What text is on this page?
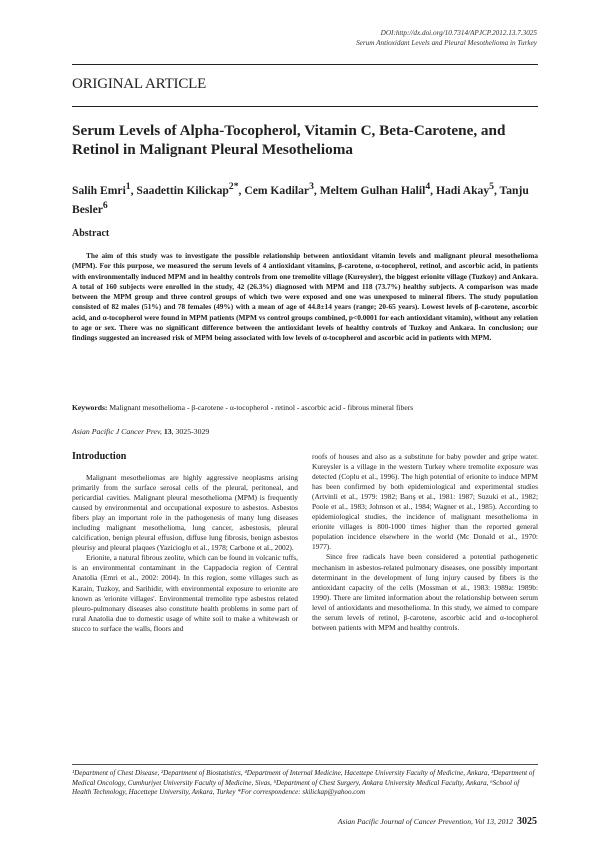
DOI:http://dx.doi.org/10.7314/APJCP.2012.13.7.3025
Serum Antioxidant Levels and Pleural Mesothelioma in Turkey
ORIGINAL ARTICLE
Serum Levels of Alpha-Tocopherol, Vitamin C, Beta-Carotene, and Retinol in Malignant Pleural Mesothelioma
Salih Emri$^1$, Saadettin Kilickap$^{2*}$, Cem Kadilar$^3$, Meltem Gulhan Halil$^4$, Hadi Akay$^5$, Tanju Besler$^6$
Abstract
The aim of this study was to investigate the possible relationship between antioxidant vitamin levels and malignant pleural mesothelioma (MPM). For this purpose, we measured the serum levels of 4 antioxidant vitamins, β-carotene, α-tocopherol, retinol, and ascorbic acid, in patients with environmentally induced MPM and in healthy controls from one tremolite village (Kureysler), the biggest erionite village (Tuzkoy) and Ankara. A total of 160 subjects were enrolled in the study, 42 (26.3%) diagnosed with MPM and 118 (73.7%) healthy subjects. A comparison was made between the MPM group and three control groups of which two were exposed and one was unexposed to mineral fibers. The study population consisted of 82 males (51%) and 78 females (49%) with a mean of age of 44.8±14 years (range; 20-65 years). Lowest levels of β-carotene, ascorbic acid, and α-tocopherol were found in MPM patients (MPM vs control groups combined, p<0.0001 for each antioxidant vitamin), without any relation to age or sex. There was no significant difference between the antioxidant levels of healthy controls of Tuzkoy and Ankara. In conclusion; our findings suggested an increased risk of MPM being associated with low levels of α-tocopherol and ascorbic acid in patients with MPM.
Keywords: Malignant mesothelioma - β-carotene - α-tocopherol - retinol - ascorbic acid - fibrous mineral fibers
Asian Pacific J Cancer Prev, 13, 3025-3029
Introduction

Malignant mesotheliomas are highly aggressive neoplasms arising primarily from the surface serosal cells of the pleural, peritoneal, and pericardial cavities. Malignant pleural mesothelioma (MPM) is frequently caused by environmental and occupational exposure to asbestos. Asbestos fibers play an important role in the pathogenesis of many lung diseases including malignant mesothelioma, lung cancer, asbestosis, pleural calcification, benign pleural effusion, diffuse lung fibrosis, benign asbestos pleurisy and pleural plaques (Yazicioglu et al., 1978; Carbone et al., 2002).

Erionite, a natural fibrous zeolite, which can be found in volcanic tuffs, is an environmental contaminant in the Cappadocia region of Central Anatolia (Emri et al., 2002: 2004). In this region, some villages such as Karain, Tuzkoy, and Sarihidir, with environmental exposure to erionite are known as 'erionite villages'. Environmental tremolite type asbestos related pleuro-pulmonary diseases also constitute health problems in some part of rural Anatolia due to domestic usage of white soil to make a whitewash or stucco to surface the walls, floors and

roofs of houses and also as a substitute for baby powder and gripe water. Kureysler is a village in the western Turkey where tremolite exposure was detected (Coplu et al., 1996). The high potential of erionite to induce MPM has been confirmed by both epidemiological and experimental studies (Artvinli et al., 1979: 1982; Barış et al., 1981: 1987; Suzuki et al., 1982; Poole et al., 1983; Johnson et al., 1984; Wagner et al., 1985). According to epidemiological studies, the incidence of malignant mesothelioma in erionite villages is 800-1000 times higher than the reported general population incidence elsewhere in the world (Mc Donald et al., 1970: 1977).

Since free radicals have been considered a potential pathogenetic mechanism in asbestos-related pulmonary diseases, one possibly important determinant in the development of lung injury caused by fibers is the antioxidant capacity of the cells (Mossman et al., 1983: 1989a: 1989b: 1990). There are limited information about the relationship between serum level of antioxidants and mesothelioma. In this study, we aimed to compare the serum levels of retinol, β-carotene, ascorbic acid and α-tocopherol between patients with MPM and healthy controls.

¹Department of Chest Disease, ²Department of Biostatistics, ⁴Department of Internal Medicine, Hacettepe University Faculty of Medicine, Ankara, ³Department of Medical Oncology, Cumhuriyet University Faculty of Medicine, Sivas, ⁵Department of Chest Surgery, Ankara University Medical Faculty, Ankara, ⁶School of Health Technology, Hacettepe University, Ankara, Turkey *For correspondence: skilickap@yahoo.com
Asian Pacific Journal of Cancer Prevention, Vol 13, 2012 3025
